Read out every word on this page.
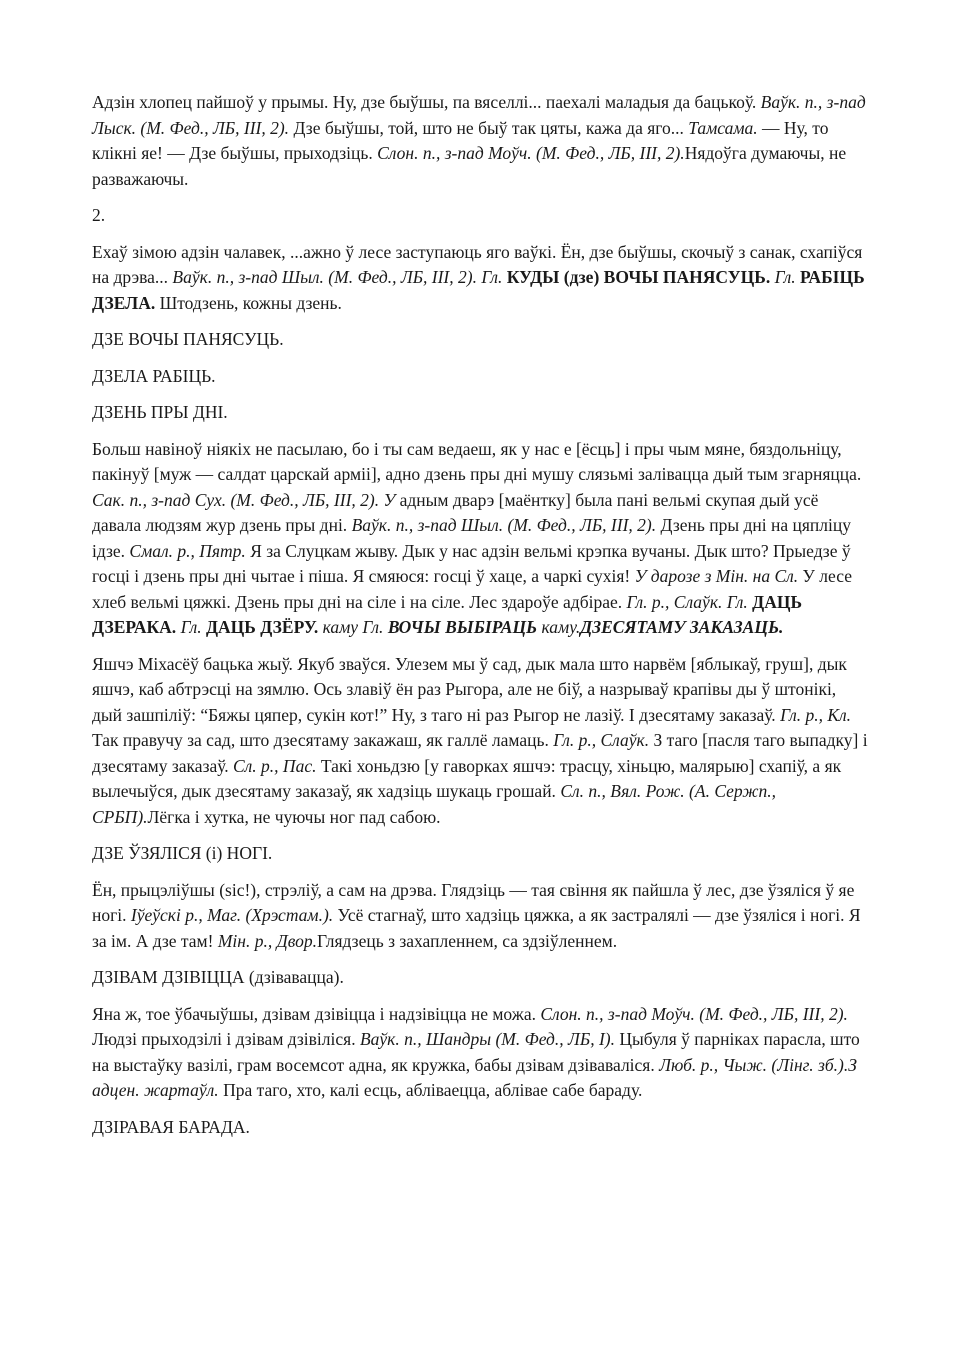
Адзін хлопец пайшоў у прымы. Ну, дзе быўшы, па вяселлі... паехалі маладыя да бацькоў. Ваўк. п., з-пад Лыск. (М. Фед., ЛБ, III, 2). Дзе быўшы, той, што не быў так цяты, кажа да яго... Тамсама. — Ну, то клікні яе! — Дзе быўшы, прыходзіць. Слон. п., з-пад Моўч. (М. Фед., ЛБ, III, 2).Нядоўга думаючы, не разважаючы.

2.

Ехаў зімою адзін чалавек, ...ажно ў лесе заступаюць яго ваўкі. Ён, дзе быўшы, скочыў з санак, схапіўся на дрэва... Ваўк. п., з-пад Шыл. (М. Фед., ЛБ, III, 2). Гл. КУДЫ (дзе) ВОЧЫ ПАНЯСУЦЬ. Гл. РАБІЦЬ ДЗЕЛА. Штодзень, кожны дзень.

ДЗЕ ВОЧЫ ПАНЯСУЦЬ.

ДЗЕЛА РАБІЦЬ.

ДЗЕНЬ ПРЫ ДНІ.

Больш навіноў ніякіх не пасылаю, бо і ты сам ведаеш, як у нас е [ёсць] і пры чым мяне, бяздольніцу, пакінуў [муж — салдат царскай арміі], адно дзень пры дні мушу слязьмі залівацца дый тым згарняцца. Сак. п., з-пад Сух. (М. Фед., ЛБ, III, 2). У адным дварэ [маёнтку] была пані вельмі скупая дый усё давала людзям жур дзень пры дні. Ваўк. п., з-пад Шыл. (М. Фед., ЛБ, III, 2). Дзень пры дні на цяпліцу ідзе. Смал. р., Пятр. Я за Слуцкам жыву. Дык у нас адзін вельмі крэпка вучаны. Дык што? Прыедзе ў госці і дзень пры дні чытае і піша. Я смяюся: госці ў хаце, а чаркі сухія! У дарозе з Мін. на Сл. У лесе хлеб вельмі цяжкі. Дзень пры дні на сіле і на сіле. Лес здароўе адбірае. Гл. р., Слаўк. Гл. ДАЦЬ ДЗЕРАКА. Гл. ДАЦЬ ДЗЁРУ. каму Гл. ВОЧЫ ВЫБІРАЦЬ каму.ДЗЕСЯТАМУ ЗАКАЗАЦЬ.

Яшчэ Міхасёў бацька жыў. Якуб зваўся. Улезем мы ў сад, дык мала што нарвём [яблыкаў, груш], дык яшчэ, каб абтрэсці на зямлю. Ось злавіў ён раз Рыгора, але не біў, а назрываў крапівы ды ў штонікі, дый зашпіліў: “Бяжы цяпер, сукін кот!” Ну, з таго ні раз Рыгор не лазіў. І дзесятаму заказаў. Гл. р., Кл. Так правучу за сад, што дзесятаму закажаш, як галлё ламаць. Гл. р., Слаўк. З таго [пасля таго выпадку] і дзесятаму заказаў. Сл. р., Пас. Такі хоньдзю [у гаворках яшчэ: трасцу, хіньцю, малярыю] схапіў, а як вылечыўся, дык дзесятаму заказаў, як хадзіць шукаць грошай. Сл. п., Вял. Рож. (А. Сержп., СРБП).Лёгка і хутка, не чуючы ног пад сабою.

ДЗЕ ЎЗЯЛІСЯ (і) НОГІ.

Ён, прыцэліўшы (sic!), стрэліў, а сам на дрэва. Глядзіць — тая свіння як пайшла ў лес, дзе ўзяліся ў яе ногі. Іўеўскі р., Маг. (Хрэстам.). Усё стагнаў, што хадзіць цяжка, а як застралялі — дзе ўзяліся і ногі. Я за ім. А дзе там! Мін. р., Двор.Глядзець з захапленнем, са здзіўленнем.

ДЗІВАМ ДЗІВІЦЦА (дзівавацца).

Яна ж, тое ўбачыўшы, дзівам дзівіцца і надзівіцца не можа. Слон. п., з-пад Моўч. (М. Фед., ЛБ, III, 2). Людзі прыходзілі і дзівам дзівіліся. Ваўк. п., Шандры (М. Фед., ЛБ, І). Цыбуля ў парніках парасла, што на выстаўку вазілі, грам восемсот адна, як кружка, бабы дзівам дзіваваліся. Люб. р., Чыж. (Лінг. зб.).З адцен. жартаўл. Пра таго, хто, калі есць, абліваецца, аблівае сабе бараду.

ДЗІРАВАЯ БАРАДА.
